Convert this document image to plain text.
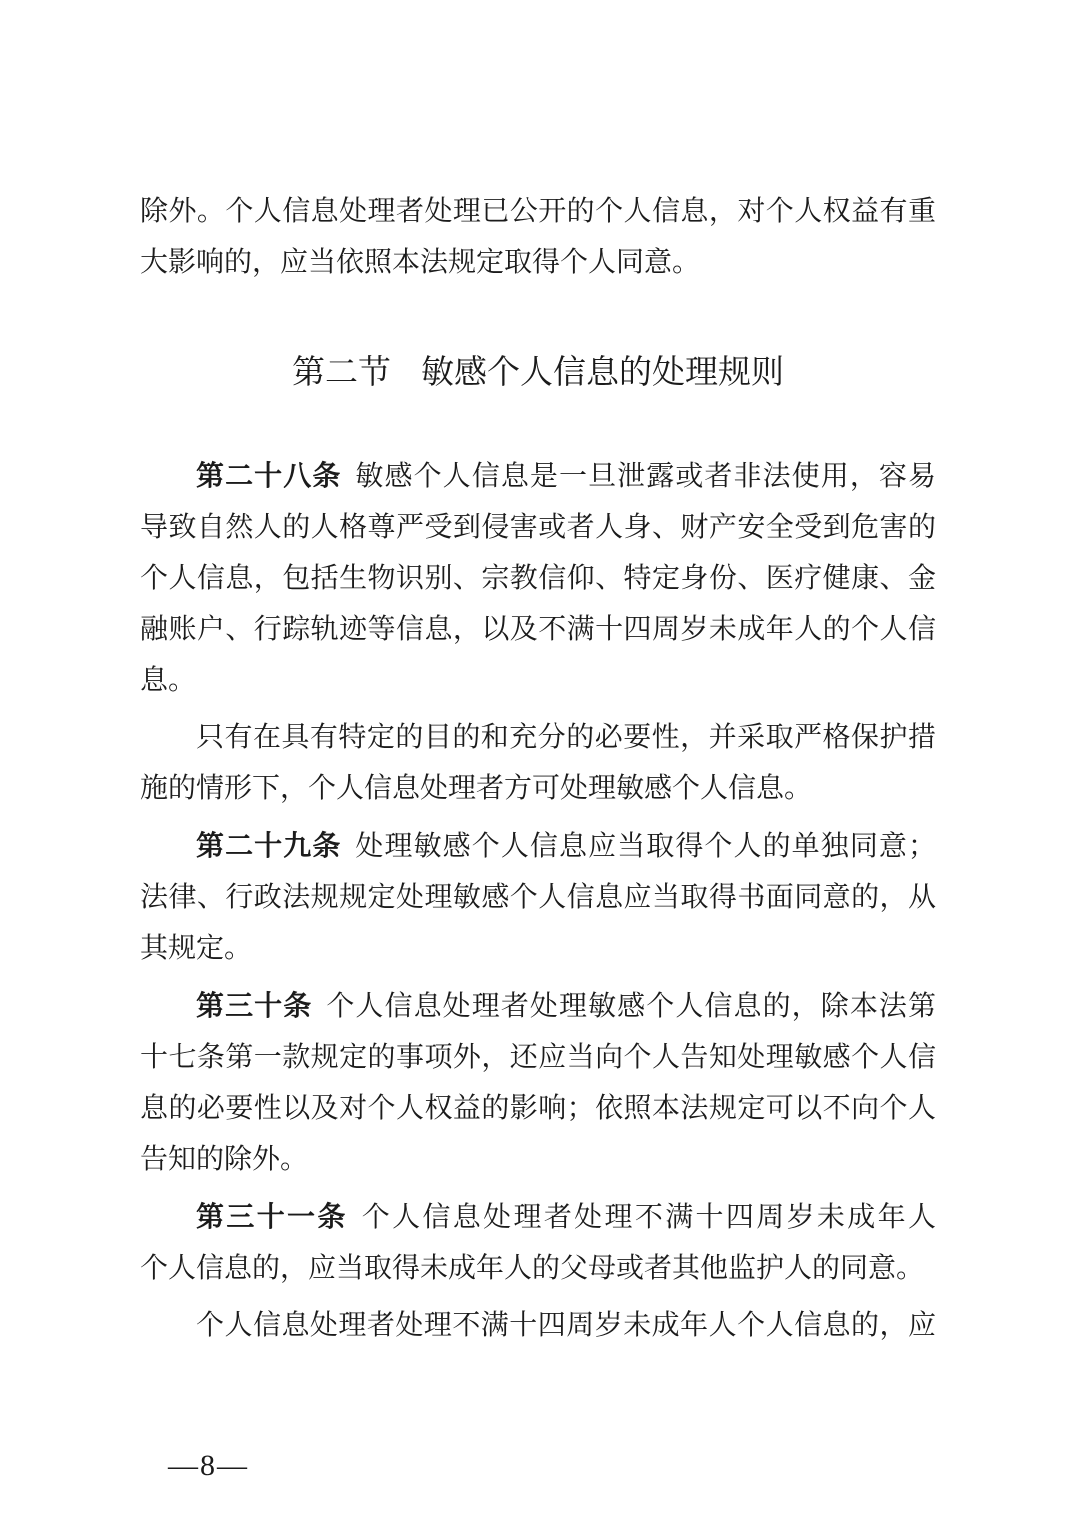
除外。个人信息处理者处理已公开的个人信息，对个人权益有重
大影响的，应当依照本法规定取得个人同意。
第二节 敏感个人信息的处理规则
第二十八条 敏感个人信息是一旦泄露或者非法使用，容易
导致自然人的人格尊严受到侵害或者人身、财产安全受到危害的
个人信息，包括生物识别、宗教信仰、特定身份、医疗健康、金
融账户、行踪轨迹等信息，以及不满十四周岁未成年人的个人信
息。
只有在具有特定的目的和充分的必要性，并采取严格保护措
施的情形下，个人信息处理者方可处理敏感个人信息。
第二十九条 处理敏感个人信息应当取得个人的单独同意；
法律、行政法规规定处理敏感个人信息应当取得书面同意的，从
其规定。
第三十条 个人信息处理者处理敏感个人信息的，除本法第
十七条第一款规定的事项外，还应当向个人告知处理敏感个人信
息的必要性以及对个人权益的影响；依照本法规定可以不向个人
告知的除外。
第三十一条 个人信息处理者处理不满十四周岁未成年人
个人信息的，应当取得未成年人的父母或者其他监护人的同意。
个人信息处理者处理不满十四周岁未成年人个人信息的，应
—8—
